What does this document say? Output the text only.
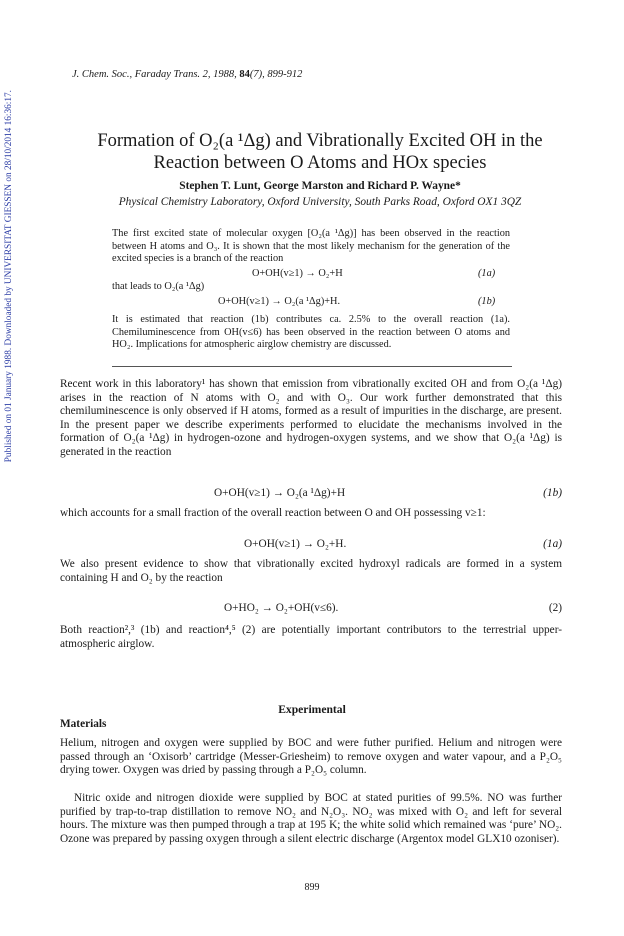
Published on 01 January 1988. Downloaded by UNIVERSITAT GIESSEN on 28/10/2014 16:36:17.
J. Chem. Soc., Faraday Trans. 2, 1988, 84(7), 899-912
Formation of O₂(a ¹Δg) and Vibrationally Excited OH in the
Reaction between O Atoms and HOx species
Stephen T. Lunt, George Marston and Richard P. Wayne*
Physical Chemistry Laboratory, Oxford University, South Parks Road, Oxford OX1 3QZ
The first excited state of molecular oxygen [O₂(a ¹Δg)] has been observed in the reaction between H atoms and O₃. It is shown that the most likely mechanism for the generation of the excited species is a branch of the reaction
O+OH(v≥1) → O₂+H	(1a)
that leads to O₂(a ¹Δg)
O+OH(v≥1) → O₂(a ¹Δg)+H.	(1b)
It is estimated that reaction (1b) contributes ca. 2.5% to the overall reaction (1a). Chemiluminescence from OH(v≤6) has been observed in the reaction between O atoms and HO₂. Implications for atmospheric airglow chemistry are discussed.
Recent work in this laboratory¹ has shown that emission from vibrationally excited OH and from O₂(a ¹Δg) arises in the reaction of N atoms with O₂ and with O₃. Our work further demonstrated that this chemiluminescence is only observed if H atoms, formed as a result of impurities in the discharge, are present. In the present paper we describe experiments performed to elucidate the mechanisms involved in the formation of O₂(a ¹Δg) in hydrogen-ozone and hydrogen-oxygen systems, and we show that O₂(a ¹Δg) is generated in the reaction
O+OH(v≥1) → O₂(a ¹Δg)+H	(1b)
which accounts for a small fraction of the overall reaction between O and OH possessing v≥1:
O+OH(v≥1) → O₂+H.	(1a)
We also present evidence to show that vibrationally excited hydroxyl radicals are formed in a system containing H and O₂ by the reaction
O+HO₂ → O₂+OH(v≤6).	(2)
Both reaction²,³ (1b) and reaction⁴,⁵ (2) are potentially important contributors to the terrestrial upper-atmospheric airglow.
Experimental
Materials
Helium, nitrogen and oxygen were supplied by BOC and were futher purified. Helium and nitrogen were passed through an ‘Oxisorb’ cartridge (Messer-Griesheim) to remove oxygen and water vapour, and a P₂O₅ drying tower. Oxygen was dried by passing through a P₂O₅ column.
Nitric oxide and nitrogen dioxide were supplied by BOC at stated purities of 99.5%. NO was further purified by trap-to-trap distillation to remove NO₂ and N₂O₃. NO₂ was mixed with O₂ and left for several hours. The mixture was then pumped through a trap at 195 K; the white solid which remained was ‘pure’ NO₂. Ozone was prepared by passing oxygen through a silent electric discharge (Argentox model GLX10 ozoniser).
899
